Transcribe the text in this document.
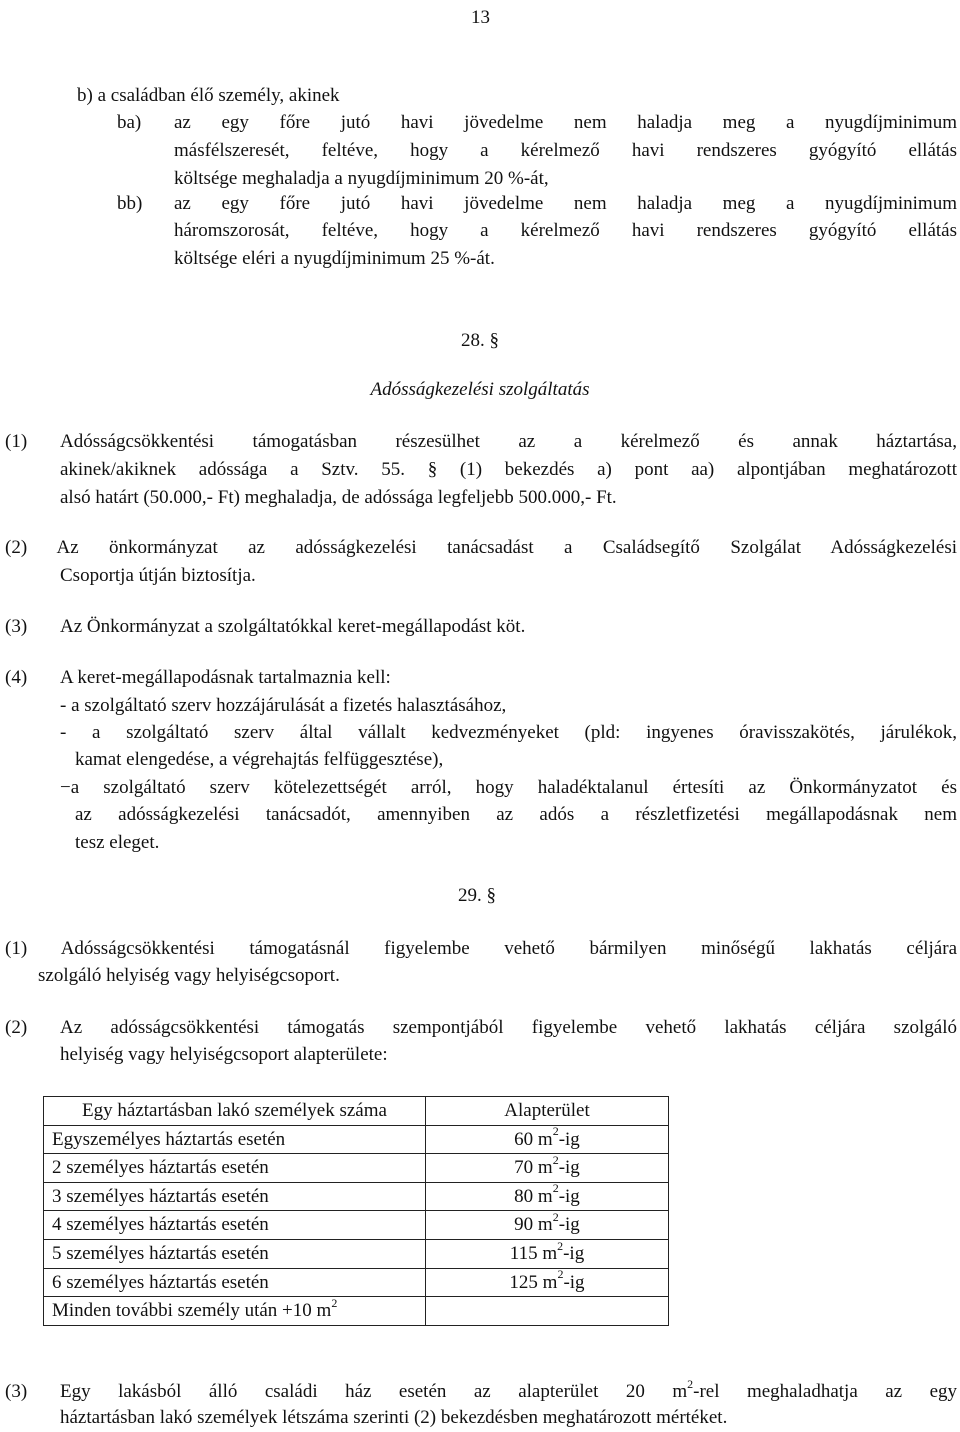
13
b) a családban élő személy, akinek
ba) az egy főre jutó havi jövedelme nem haladja meg a nyugdíjminimum
másfélszeresét, feltéve, hogy a kérelmező havi rendszeres gyógyító ellátás
költsége meghaladja a nyugdíjminimum 20 %-át,
bb) az egy főre jutó havi jövedelme nem haladja meg a nyugdíjminimum
háromszorosát, feltéve, hogy a kérelmező havi rendszeres gyógyító ellátás
költsége eléri a nyugdíjminimum 25 %-át.
28. §
Adósságkezelési szolgáltatás
(1) Adósságcsökkentési támogatásban részesülhet az a kérelmező és annak háztartása,
akinek/akiknek adóssága a Sztv. 55. § (1) bekezdés a) pont aa) alpontjában meghatározott
alsó határt (50.000,- Ft) meghaladja, de adóssága legfeljebb 500.000,- Ft.
(2) Az önkormányzat az adósságkezelési tanácsadást a Családsegítő Szolgálat Adósságkezelési
Csoportja útján biztosítja.
(3) Az Önkormányzat a szolgáltatókkal keret-megállapodást köt.
(4) A keret-megállapodásnak tartalmaznia kell:
- a szolgáltató szerv hozzájárulását a fizetés halasztásához,
- a szolgáltató szerv által vállalt kedvezményeket (pld: ingyenes óravisszakötés, járulékok,
kamat elengedése, a végrehajtás felfüggesztése),
−a szolgáltató szerv kötelezettségét arról, hogy haladéktalanul értesíti az Önkormányzatot és
az adósságkezelési tanácsadót, amennyiben az adós a részletfizetési megállapodásnak nem
tesz eleget.
29. §
(1) Adósságcsökkentési támogatásnál figyelembe vehető bármilyen minőségű lakhatás céljára
szolgáló helyiség vagy helyiségcsoport.
(2) Az adósságcsökkentési támogatás szempontjából figyelembe vehető lakhatás céljára szolgáló
helyiség vagy helyiségcsoport alapterülete:
Egy háztartásban lakó személyek száma	Alapterület
Egyszemélyes háztartás esetén	60 $m^2-ig$
2 személyes háztartás esetén	70 $m^2-ig$
3 személyes háztartás esetén	80 $m^2-ig$
4 személyes háztartás esetén	90 $m^2-ig$
5 személyes háztartás esetén	115 $m^2-ig$
6 személyes háztartás esetén	125 $m^2-ig$
Minden további személy után +10 $m^2$	
(3) Egy lakásból álló családi ház esetén az alapterület 20 $m^2$-rel meghaladhatja az egy
háztartásban lakó személyek létszáma szerinti (2) bekezdésben meghatározott mértéket.
